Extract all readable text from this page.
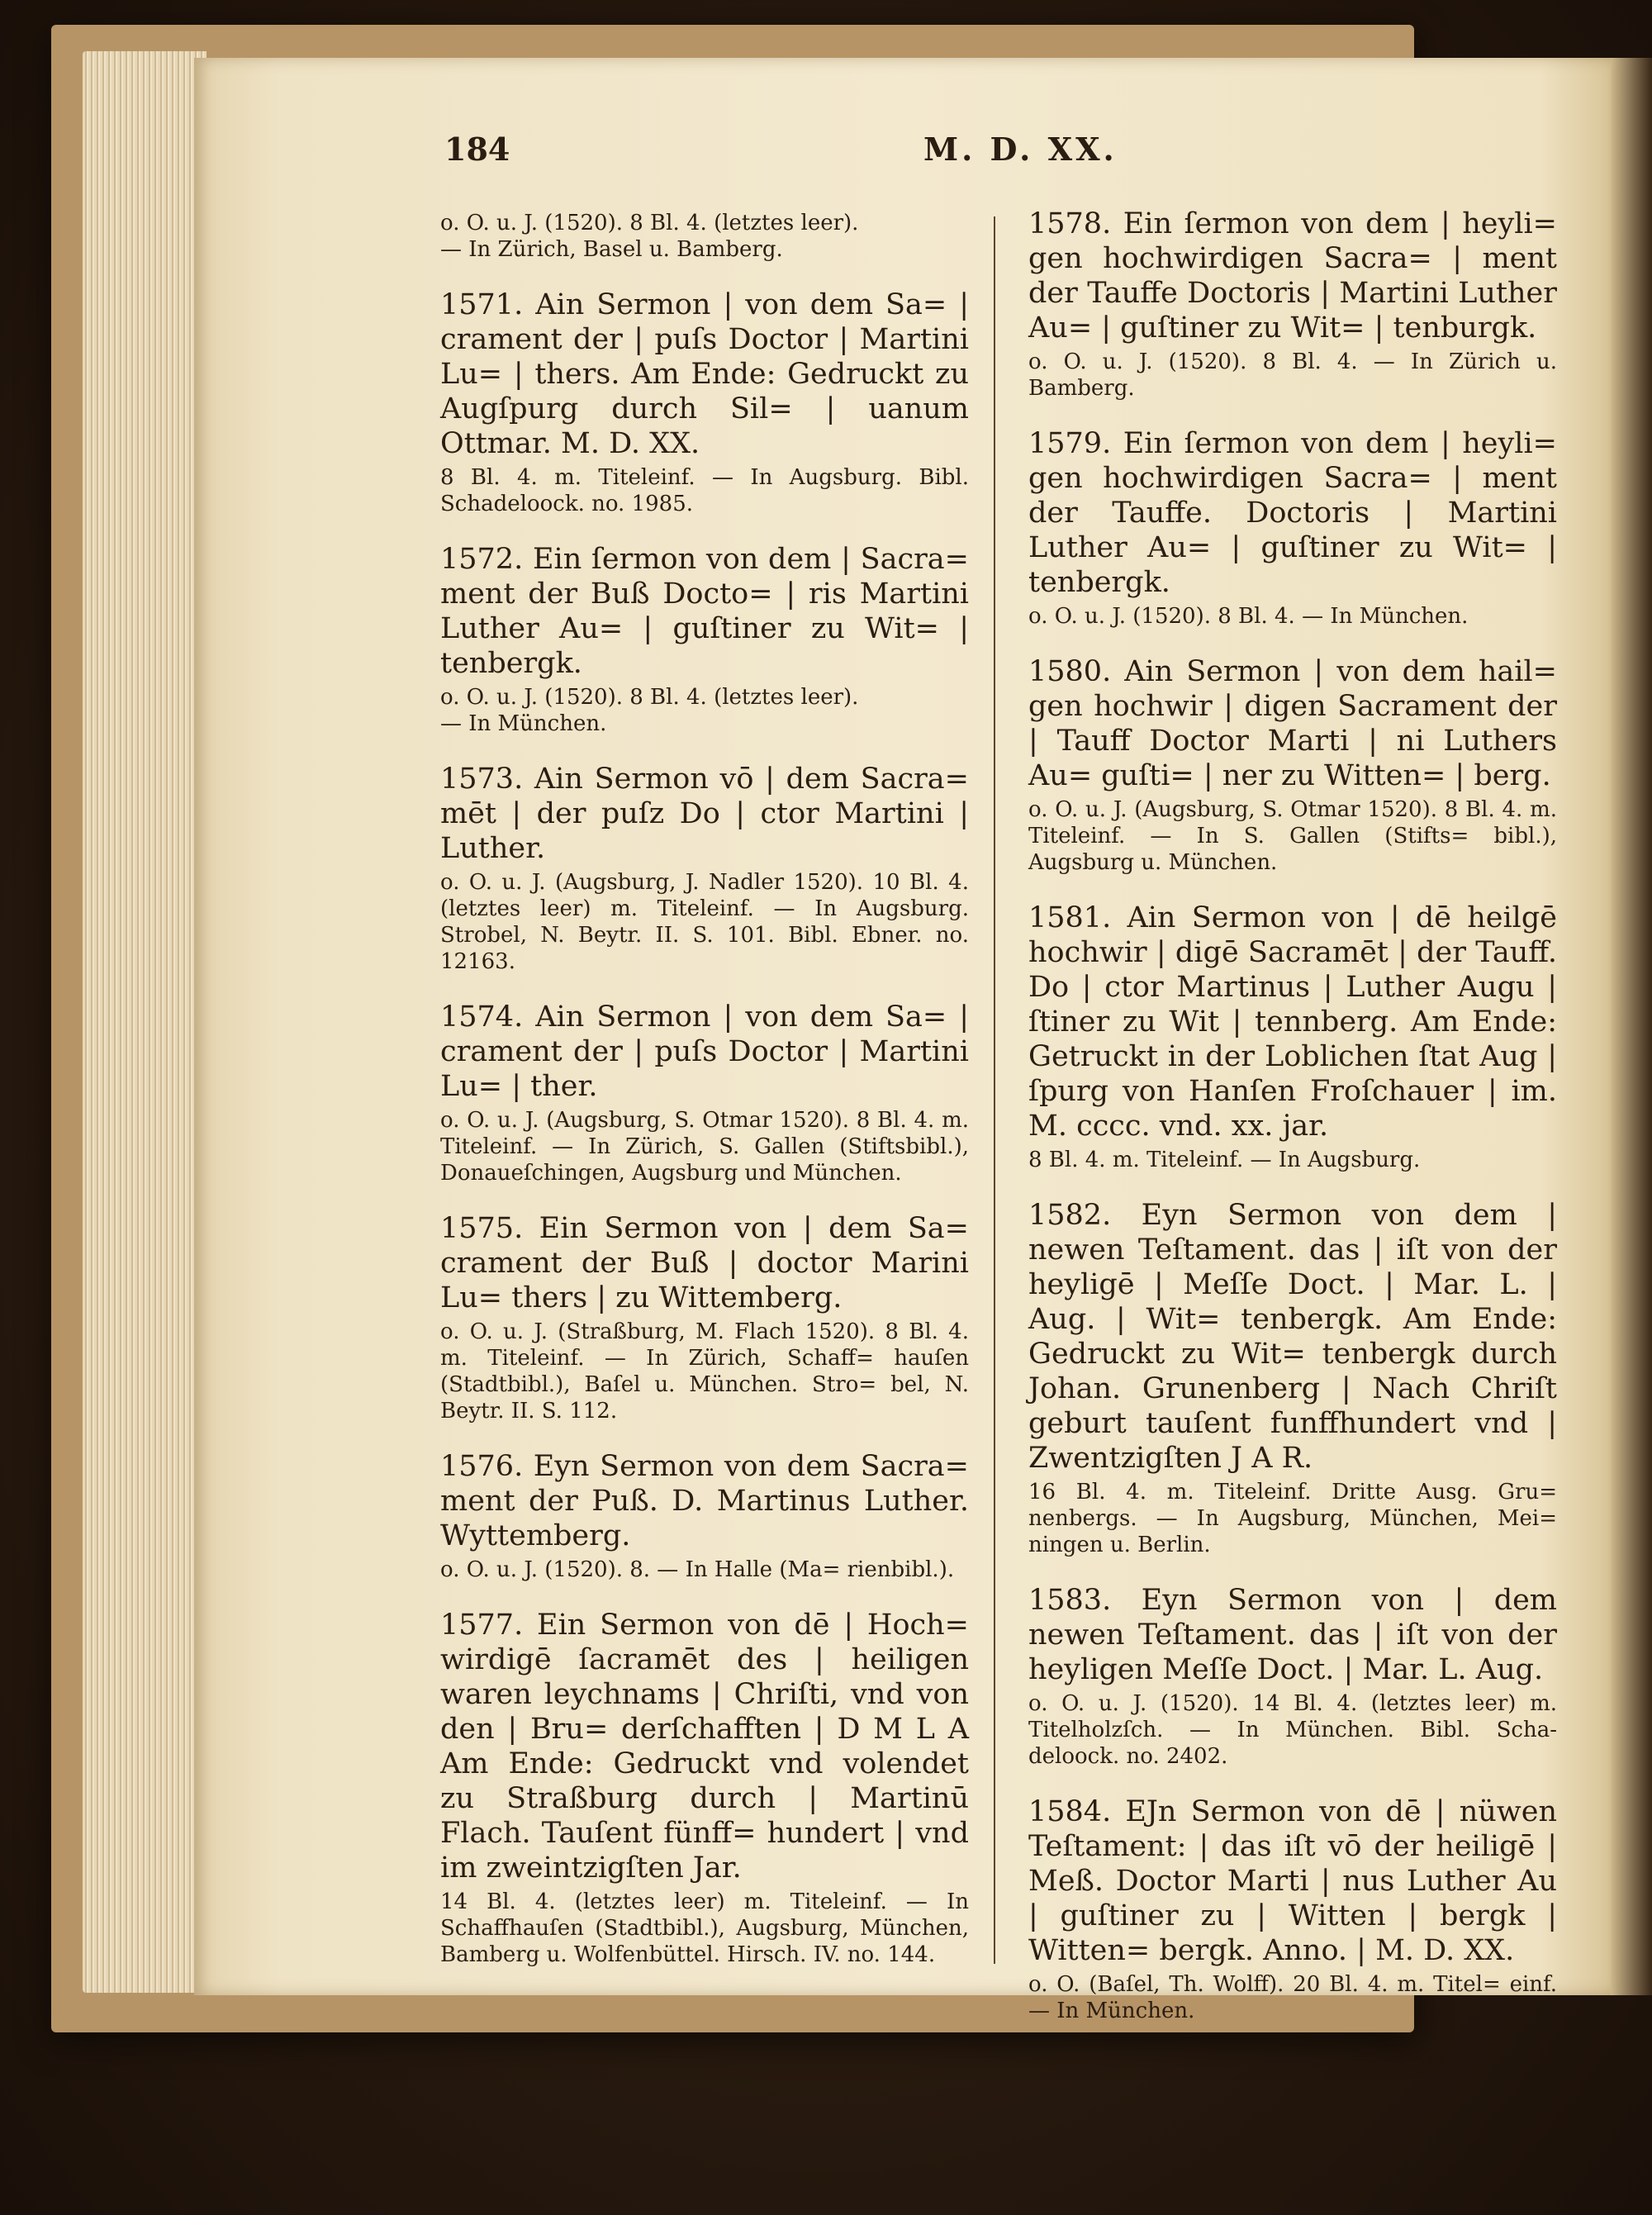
184	M. D. XX.

o. O. u. J. (1520). 8 Bl. 4. (letztes leer).

— In Zürich, Basel u. Bamberg.

1571. Ain Sermon | von dem Sa= | crament der | puſs Doctor | Martini Lu= | thers. Am Ende: Gedruckt zu Augſpurg durch Sil= | uanum Ottmar. M. D. XX.

8 Bl. 4. m. Titeleinf. — In Augsburg. Bibl. Schadeloock. no. 1985.

1572. Ein ſermon von dem | Sacra= ment der Buß Docto= | ris Martini Luther Au= | guſtiner zu Wit= | tenbergk.

o. O. u. J. (1520). 8 Bl. 4. (letztes leer).

— In München.

1573. Ain Sermon vō | dem Sacra= mēt | der puſz Do | ctor Martini | Luther.

o. O. u. J. (Augsburg, J. Nadler 1520). 10 Bl. 4. (letztes leer) m. Titeleinf. — In Augsburg. Strobel, N. Beytr. II. S. 101. Bibl. Ebner. no. 12163.

1574. Ain Sermon | von dem Sa= | crament der | puſs Doctor | Martini Lu= | ther.

o. O. u. J. (Augsburg, S. Otmar 1520). 8 Bl. 4. m. Titeleinf. — In Zürich, S. Gallen (Stiftsbibl.), Donaueſchingen, Augsburg und München.

1575. Ein Sermon von | dem Sa= crament der Buß | doctor Marini Lu= thers | zu Wittemberg.

o. O. u. J. (Straßburg, M. Flach 1520). 8 Bl. 4. m. Titeleinf. — In Zürich, Schaff= hauſen (Stadtbibl.), Baſel u. München. Stro= bel, N. Beytr. II. S. 112.

1576. Eyn Sermon von dem Sacra= ment der Puß. D. Martinus Luther. Wyttemberg.

o. O. u. J. (1520). 8. — In Halle (Ma= rienbibl.).

1577. Ein Sermon von dē | Hoch= wirdigē ſacramēt des | heiligen waren leychnams | Chriſti, vnd von den | Bru= derſchafften | D M L A Am Ende: Gedruckt vnd volendet zu Straßburg durch | Martinū Flach. Tauſent fünff= hundert | vnd im zweintzigſten Jar.

14 Bl. 4. (letztes leer) m. Titeleinf. — In Schaffhauſen (Stadtbibl.), Augsburg, München, Bamberg u. Wolfenbüttel. Hirsch. IV. no. 144.

1578. Ein ſermon von dem | heyli= gen hochwirdigen Sacra= | ment der Tauffe Doctoris | Martini Luther Au= | guſtiner zu Wit= | tenburgk.

o. O. u. J. (1520). 8 Bl. 4. — In Zürich u. Bamberg.

1579. Ein ſermon von dem | heyli= gen hochwirdigen Sacra= | ment der Tauffe. Doctoris | Martini Luther Au= | guſtiner zu Wit= | tenbergk.

o. O. u. J. (1520). 8 Bl. 4. — In München.

1580. Ain Sermon | von dem hail= gen hochwir | digen Sacrament der | Tauff Doctor Marti | ni Luthers Au= guſti= | ner zu Witten= | berg.

o. O. u. J. (Augsburg, S. Otmar 1520). 8 Bl. 4. m. Titeleinf. — In S. Gallen (Stifts= bibl.), Augsburg u. München.

1581. Ain Sermon von | dē heilgē hochwir | digē Sacramēt | der Tauff. Do | ctor Martinus | Luther Augu | ſtiner zu Wit | tennberg. Am Ende: Getruckt in der Loblichen ſtat Aug | ſpurg von Hanſen Froſchauer | im. M. cccc. vnd. xx. jar.

8 Bl. 4. m. Titeleinf. — In Augsburg.

1582. Eyn Sermon von dem | newen Teſtament. das | iſt von der heyligē | Meſſe Doct. | Mar. L. | Aug. | Wit= tenbergk. Am Ende: Gedruckt zu Wit= tenbergk durch Johan. Grunenberg | Nach Chriſt geburt tauſent funffhundert vnd | Zwentzigſten J A R.

16 Bl. 4. m. Titeleinf. Dritte Ausg. Gru= nenbergs. — In Augsburg, München, Mei= ningen u. Berlin.

1583. Eyn Sermon von | dem newen Teſtament. das | iſt von der heyligen Meſſe Doct. | Mar. L. Aug.

o. O. u. J. (1520). 14 Bl. 4. (letztes leer) m. Titelholzſch. — In München. Bibl. Scha- deloock. no. 2402.

1584. EJn Sermon von dē | nüwen Teſtament: | das iſt vō der heiligē | Meß. Doctor Marti | nus Luther Au | guſtiner zu | Witten | bergk | Witten= bergk. Anno. | M. D. XX.

o. O. (Baſel, Th. Wolff). 20 Bl. 4. m. Titel= einf. — In München.
